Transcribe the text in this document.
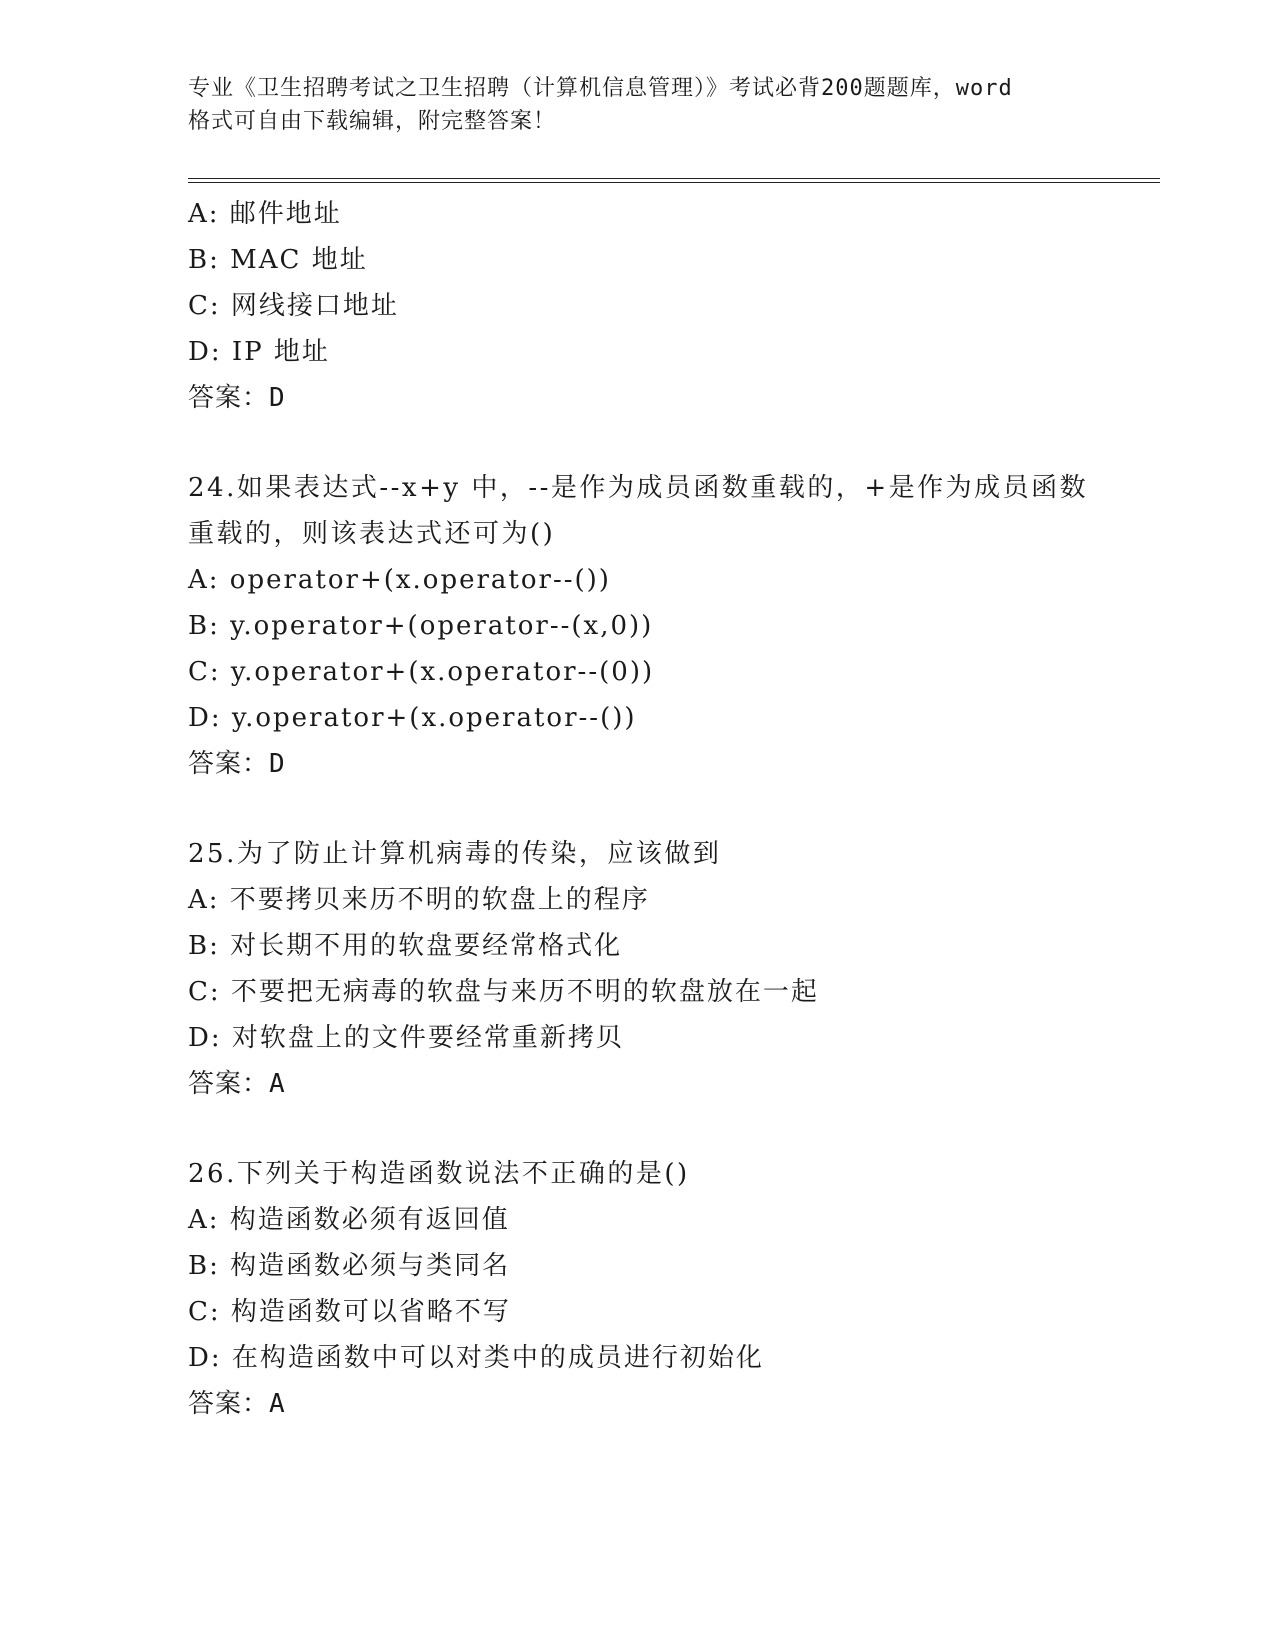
专业《卫生招聘考试之卫生招聘（计算机信息管理）》考试必背200题题库，word
格式可自由下载编辑，附完整答案！
A: 邮件地址
B: MAC 地址
C: 网线接口地址
D: IP 地址
答案：D
24.如果表达式--x+y 中，--是作为成员函数重载的，+是作为成员函数
重载的，则该表达式还可为()
A: operator+(x.operator--())
B: y.operator+(operator--(x,0))
C: y.operator+(x.operator--(0))
D: y.operator+(x.operator--())
答案：D
25.为了防止计算机病毒的传染，应该做到
A: 不要拷贝来历不明的软盘上的程序
B: 对长期不用的软盘要经常格式化
C: 不要把无病毒的软盘与来历不明的软盘放在一起
D: 对软盘上的文件要经常重新拷贝
答案：A
26.下列关于构造函数说法不正确的是()
A: 构造函数必须有返回值
B: 构造函数必须与类同名
C: 构造函数可以省略不写
D: 在构造函数中可以对类中的成员进行初始化
答案：A
